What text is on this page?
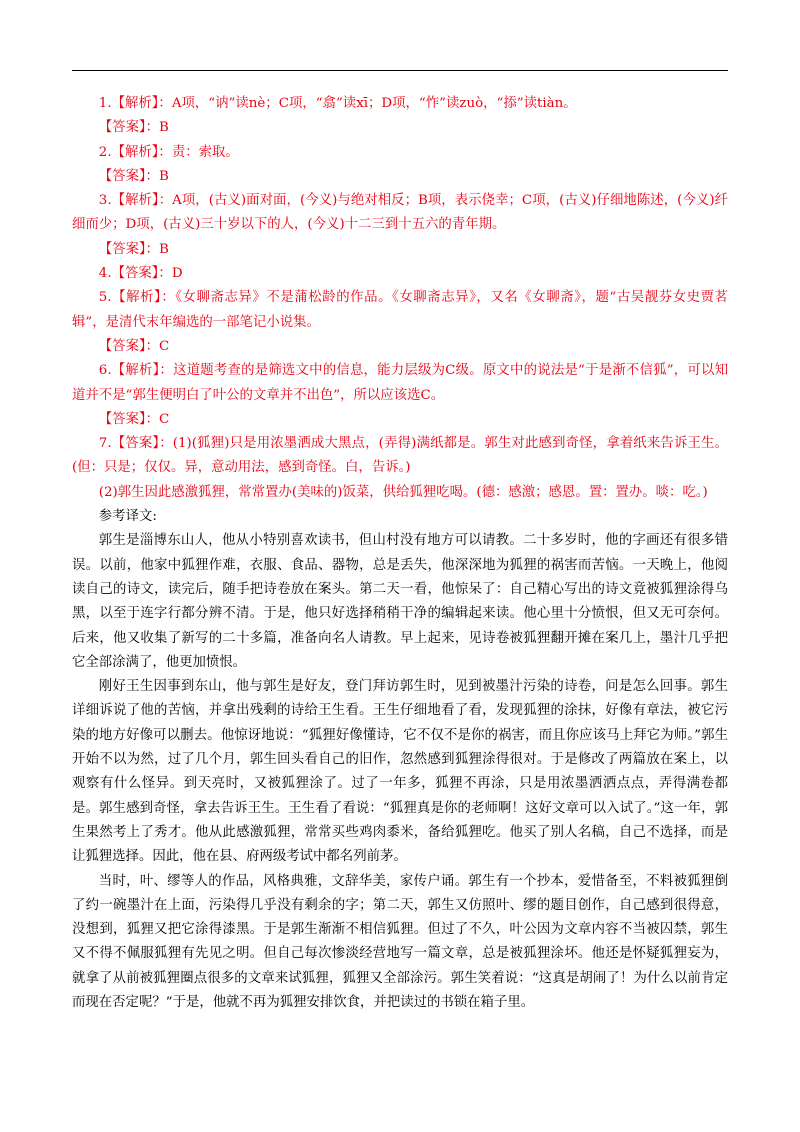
1.【解析】：A项，“讷”读nè；C项，“翕”读xī；D项，“怍”读zuò，“掭”读tiàn。

【答案】：B

2.【解析】：责：索取。

【答案】：B

3.【解析】：A项，(古义)面对面，(今义)与绝对相反；B项，表示侥幸；C项，(古义)仔细地陈述，(今义)纤细而少；D项，(古义)三十岁以下的人，(今义)十二三到十五六的青年期。

【答案】：B

4.【答案】：D

5.【解析】：《女聊斋志异》不是蒲松龄的作品。《女聊斋志异》，又名《女聊斋》，题“古吴靓芬女史贾茗辑”，是清代末年编选的一部笔记小说集。

【答案】：C

6.【解析】：这道题考查的是筛选文中的信息，能力层级为C级。原文中的说法是“于是渐不信狐”，可以知道并不是“郭生便明白了叶公的文章并不出色”，所以应该选C。

【答案】：C

7.【答案】：(1)(狐狸)只是用浓墨洒成大黑点，(弄得)满纸都是。郭生对此感到奇怪，拿着纸来告诉王生。(但：只是；仅仅。异，意动用法，感到奇怪。白，告诉。)

(2)郭生因此感激狐狸，常常置办(美味的)饭菜，供给狐狸吃喝。(德：感激；感恩。置：置办。啖：吃。)

参考译文:

郭生是淄博东山人，他从小特别喜欢读书，但山村没有地方可以请教。二十多岁时，他的字画还有很多错误。以前，他家中狐狸作难，衣服、食品、器物，总是丢失，他深深地为狐狸的祸害而苦恼。一天晚上，他阅读自己的诗文，读完后，随手把诗卷放在案头。第二天一看，他惊呆了：自己精心写出的诗文竟被狐狸涂得乌黑，以至于连字行都分辨不清。于是，他只好选择稍稍干净的编辑起来读。他心里十分愤恨，但又无可奈何。后来，他又收集了新写的二十多篇，准备向名人请教。早上起来，见诗卷被狐狸翻开摊在案几上，墨汁几乎把它全部涂满了，他更加愤恨。

刚好王生因事到东山，他与郭生是好友，登门拜访郭生时，见到被墨汁污染的诗卷，问是怎么回事。郭生详细诉说了他的苦恼，并拿出残剩的诗给王生看。王生仔细地看了看，发现狐狸的涂抹，好像有章法，被它污染的地方好像可以删去。他惊讶地说：“狐狸好像懂诗，它不仅不是你的祸害，而且你应该马上拜它为师。”郭生开始不以为然，过了几个月，郭生回头看自己的旧作，忽然感到狐狸涂得很对。于是修改了两篇放在案上，以观察有什么怪异。到天亮时，又被狐狸涂了。过了一年多，狐狸不再涂，只是用浓墨洒洒点点，弄得满卷都是。郭生感到奇怪，拿去告诉王生。王生看了看说：“狐狸真是你的老师啊！这好文章可以入试了。”这一年，郭生果然考上了秀才。他从此感激狐狸，常常买些鸡肉黍米，备给狐狸吃。他买了别人名稿，自己不选择，而是让狐狸选择。因此，他在县、府两级考试中都名列前茅。

当时，叶、缪等人的作品，风格典雅，文辞华美，家传户诵。郭生有一个抄本，爱惜备至，不料被狐狸倒了约一碗墨汁在上面，污染得几乎没有剩余的字；第二天，郭生又仿照叶、缪的题目创作，自己感到很得意，没想到，狐狸又把它涂得漆黑。于是郭生渐渐不相信狐狸。但过了不久，叶公因为文章内容不当被囚禁，郭生又不得不佩服狐狸有先见之明。但自己每次惨淡经营地写一篇文章，总是被狐狸涂坏。他还是怀疑狐狸妄为，就拿了从前被狐狸圈点很多的文章来试狐狸，狐狸又全部涂污。郭生笑着说：“这真是胡闹了！为什么以前肯定而现在否定呢？”于是，他就不再为狐狸安排饮食，并把读过的书锁在箱子里。
